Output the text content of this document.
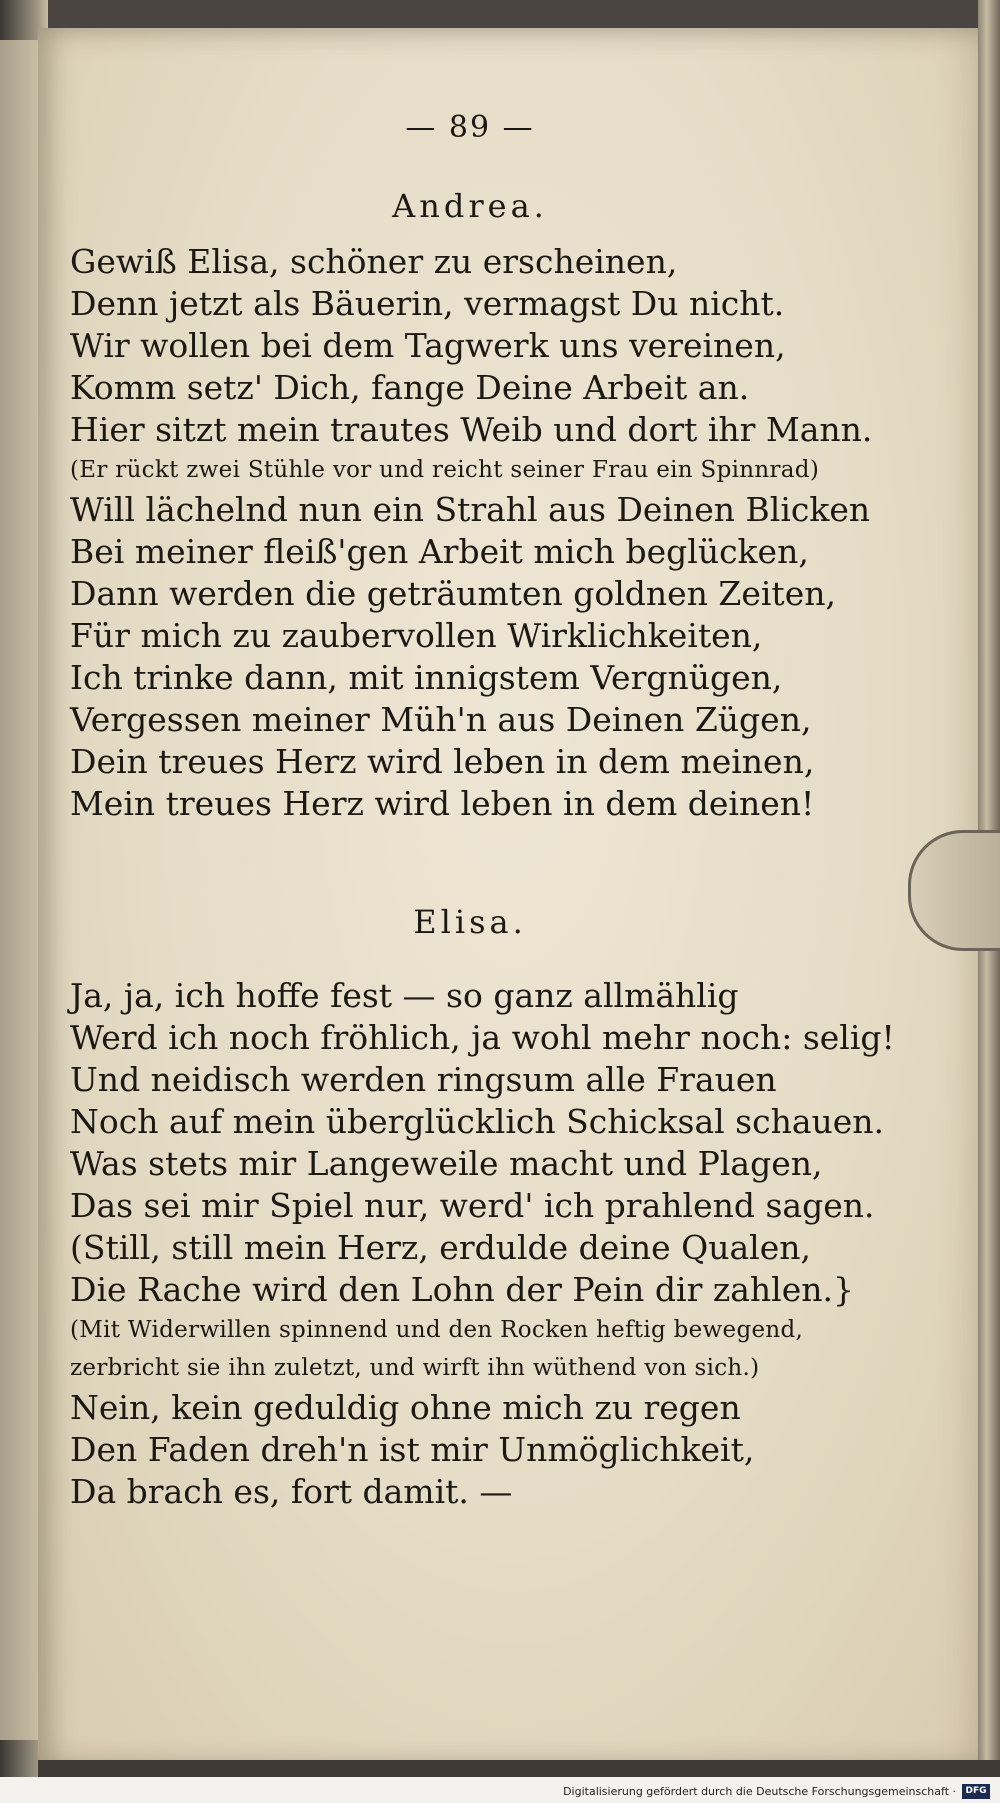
— 89 —
Andrea.
Gewiß Elisa, schöner zu erscheinen,
Denn jetzt als Bäuerin, vermagst Du nicht.
Wir wollen bei dem Tagwerk uns vereinen,
Komm setz' Dich, fange Deine Arbeit an.
Hier sitzt mein trautes Weib und dort ihr Mann.
(Er rückt zwei Stühle vor und reicht seiner Frau ein Spinnrad)
Will lächelnd nun ein Strahl aus Deinen Blicken
Bei meiner fleiß'gen Arbeit mich beglücken,
Dann werden die geträumten goldnen Zeiten,
Für mich zu zaubervollen Wirklichkeiten,
Ich trinke dann, mit innigstem Vergnügen,
Vergessen meiner Müh'n aus Deinen Zügen,
Dein treues Herz wird leben in dem meinen,
Mein treues Herz wird leben in dem deinen!
Elisa.
Ja, ja, ich hoffe fest — so ganz allmählig
Werd ich noch fröhlich, ja wohl mehr noch: selig!
Und neidisch werden ringsum alle Frauen
Noch auf mein überglücklich Schicksal schauen.
Was stets mir Langeweile macht und Plagen,
Das sei mir Spiel nur, werd' ich prahlend sagen.
(Still, still mein Herz, erdulde deine Qualen,
Die Rache wird den Lohn der Pein dir zahlen.}
(Mit Widerwillen spinnend und den Rocken heftig bewegend,
zerbricht sie ihn zuletzt, und wirft ihn wüthend von sich.)
Nein, kein geduldig ohne mich zu regen
Den Faden dreh'n ist mir Unmöglichkeit,
Da brach es, fort damit. —
Digitalisierung gefördert durch die Deutsche Forschungsgemeinschaft ·	DFG
